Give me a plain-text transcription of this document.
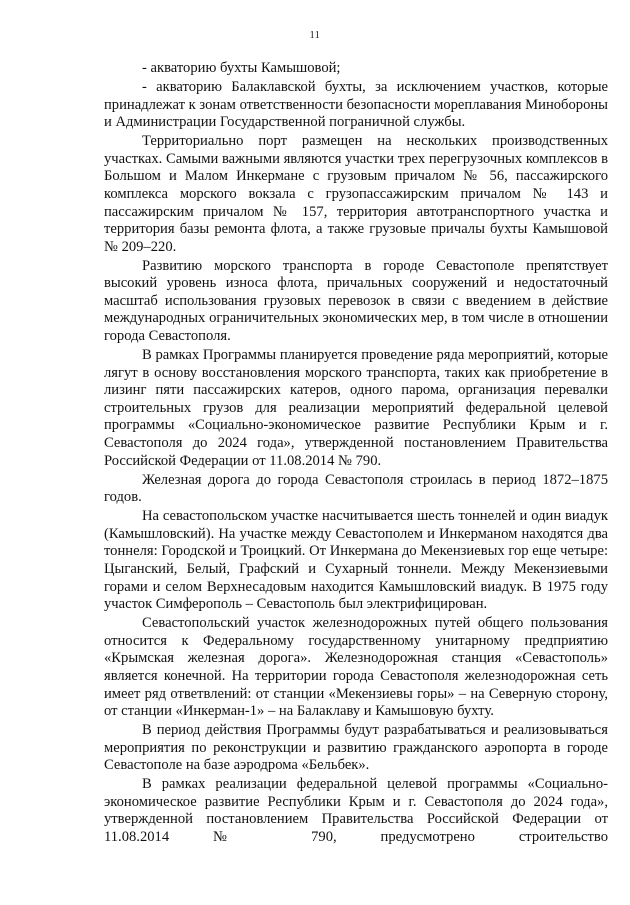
11

- акваторию бухты Камышовой;

- акваторию Балаклавской бухты, за исключением участков, которые принадлежат к зонам ответственности безопасности мореплавания Минобороны и Администрации Государственной пограничной службы.

Территориально порт размещен на нескольких производственных участках. Самыми важными являются участки трех перегрузочных комплексов в Большом и Малом Инкермане с грузовым причалом № 56, пассажирского комплекса морского вокзала с грузопассажирским причалом № 143 и пассажирским причалом № 157, территория автотранспортного участка и территория базы ремонта флота, а также грузовые причалы бухты Камышовой № 209–220.

Развитию морского транспорта в городе Севастополе препятствует высокий уровень износа флота, причальных сооружений и недостаточный масштаб использования грузовых перевозок в связи с введением в действие международных ограничительных экономических мер, в том числе в отношении города Севастополя.

В рамках Программы планируется проведение ряда мероприятий, которые лягут в основу восстановления морского транспорта, таких как приобретение в лизинг пяти пассажирских катеров, одного парома, организация перевалки строительных грузов для реализации мероприятий федеральной целевой программы «Социально-экономическое развитие Республики Крым и г. Севастополя до 2024 года», утвержденной постановлением Правительства Российской Федерации от 11.08.2014 № 790.

Железная дорога до города Севастополя строилась в период 1872–1875 годов.

На севастопольском участке насчитывается шесть тоннелей и один виадук (Камышловский). На участке между Севастополем и Инкерманом находятся два тоннеля: Городской и Троицкий. От Инкермана до Мекензиевых гор еще четыре: Цыганский, Белый, Графский и Сухарный тоннели. Между Мекензиевыми горами и селом Верхнесадовым находится Камышловский виадук. В 1975 году участок Симферополь – Севастополь был электрифицирован.

Севастопольский участок железнодорожных путей общего пользования относится к Федеральному государственному унитарному предприятию «Крымская железная дорога». Железнодорожная станция «Севастополь» является конечной. На территории города Севастополя железнодорожная сеть имеет ряд ответвлений: от станции «Мекензиевы горы» – на Северную сторону, от станции «Инкерман-1» – на Балаклаву и Камышовую бухту.

В период действия Программы будут разрабатываться и реализовываться мероприятия по реконструкции и развитию гражданского аэропорта в городе Севастополе на базе аэродрома «Бельбек».

В рамках реализации федеральной целевой программы «Социально-экономическое развитие Республики Крым и г. Севастополя до 2024 года», утвержденной постановлением Правительства Российской Федерации от 11.08.2014 № 790, предусмотрено строительство
